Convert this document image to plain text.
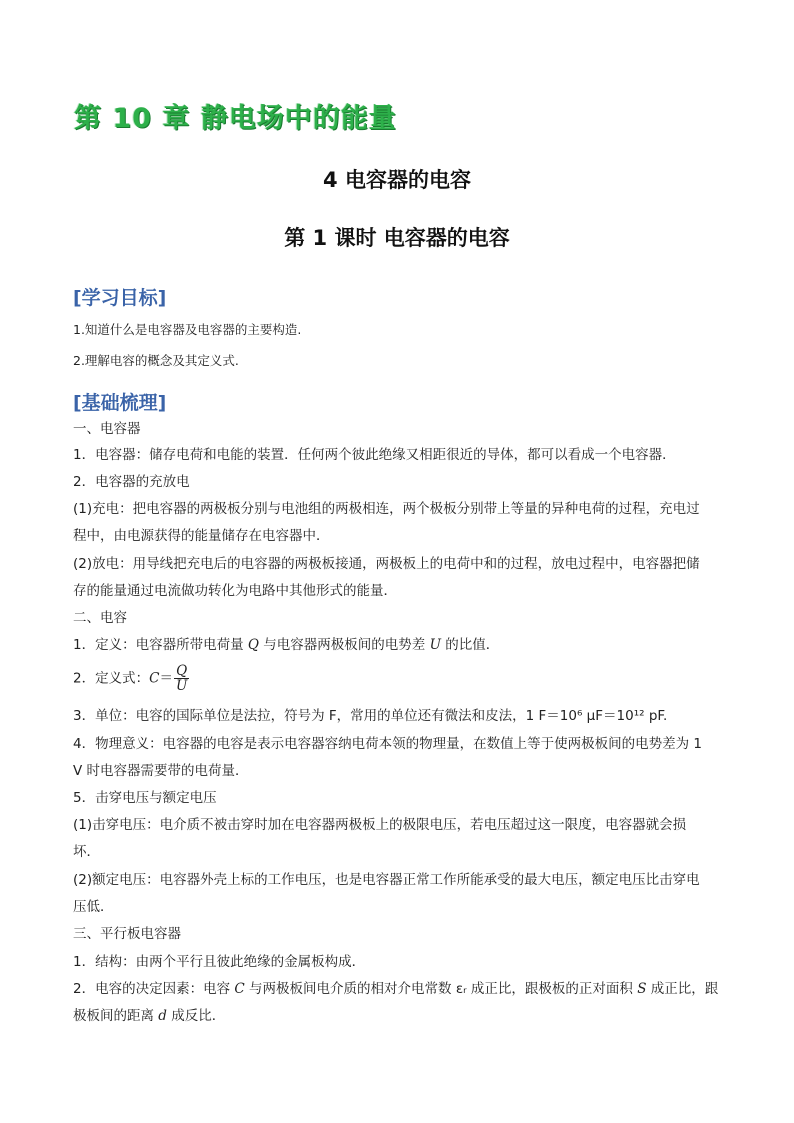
第 10 章 静电场中的能量
4 电容器的电容
第 1 课时 电容器的电容
[学习目标]
1.知道什么是电容器及电容器的主要构造.
2.理解电容的概念及其定义式.
[基础梳理]
一、电容器
1．电容器：储存电荷和电能的装置．任何两个彼此绝缘又相距很近的导体，都可以看成一个电容器．
2．电容器的充放电
(1)充电：把电容器的两极板分别与电池组的两极相连，两个极板分别带上等量的异种电荷的过程，充电过
程中，由电源获得的能量储存在电容器中．
(2)放电：用导线把充电后的电容器的两极板接通，两极板上的电荷中和的过程，放电过程中，电容器把储
存的能量通过电流做功转化为电路中其他形式的能量．
二、电容
1．定义：电容器所带电荷量 Q 与电容器两极板间的电势差 U 的比值．
2．定义式：$C= \frac{Q}{U}$
3．单位：电容的国际单位是法拉，符号为 F，常用的单位还有微法和皮法，1 F＝10⁶ μF＝10¹² pF.
4．物理意义：电容器的电容是表示电容器容纳电荷本领的物理量，在数值上等于使两极板间的电势差为 1
V 时电容器需要带的电荷量．
5．击穿电压与额定电压
(1)击穿电压：电介质不被击穿时加在电容器两极板上的极限电压，若电压超过这一限度，电容器就会损
坏．
(2)额定电压：电容器外壳上标的工作电压，也是电容器正常工作所能承受的最大电压，额定电压比击穿电
压低．
三、平行板电容器
1．结构：由两个平行且彼此绝缘的金属板构成．
2．电容的决定因素：电容 C 与两极板间电介质的相对介电常数 εᵣ 成正比，跟极板的正对面积 S 成正比，跟
极板间的距离 d 成反比．
